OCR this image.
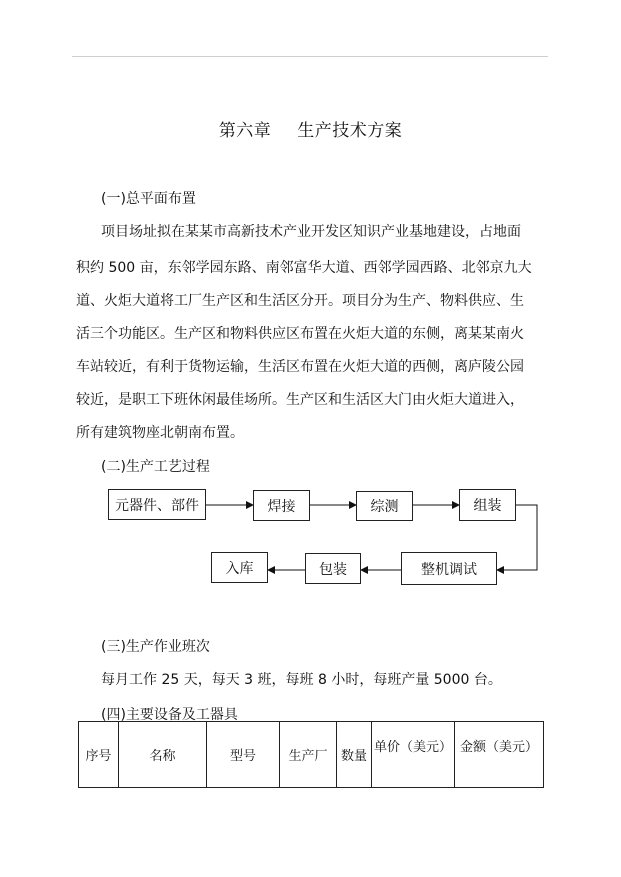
第六章 生产技术方案
(一)总平面布置
项目场址拟在某某市高新技术产业开发区知识产业基地建设，占地面
积约 500 亩，东邻学园东路、南邻富华大道、西邻学园西路、北邻京九大
道、火炬大道将工厂生产区和生活区分开。项目分为生产、物料供应、生
活三个功能区。生产区和物料供应区布置在火炬大道的东侧，离某某南火
车站较近，有利于货物运输，生活区布置在火炬大道的西侧，离庐陵公园
较近，是职工下班休闲最佳场所。生产区和生活区大门由火炬大道进入，
所有建筑物座北朝南布置。
(二)生产工艺过程
元器件、部件	焊接	综测	组装
整机调试
包装
入库
(三)生产作业班次
每月工作 25 天，每天 3 班，每班 8 小时，每班产量 5000 台。
(四)主要设备及工器具
序号	名称	型号	生产厂	数量	单价（美元）	金额（美元）
